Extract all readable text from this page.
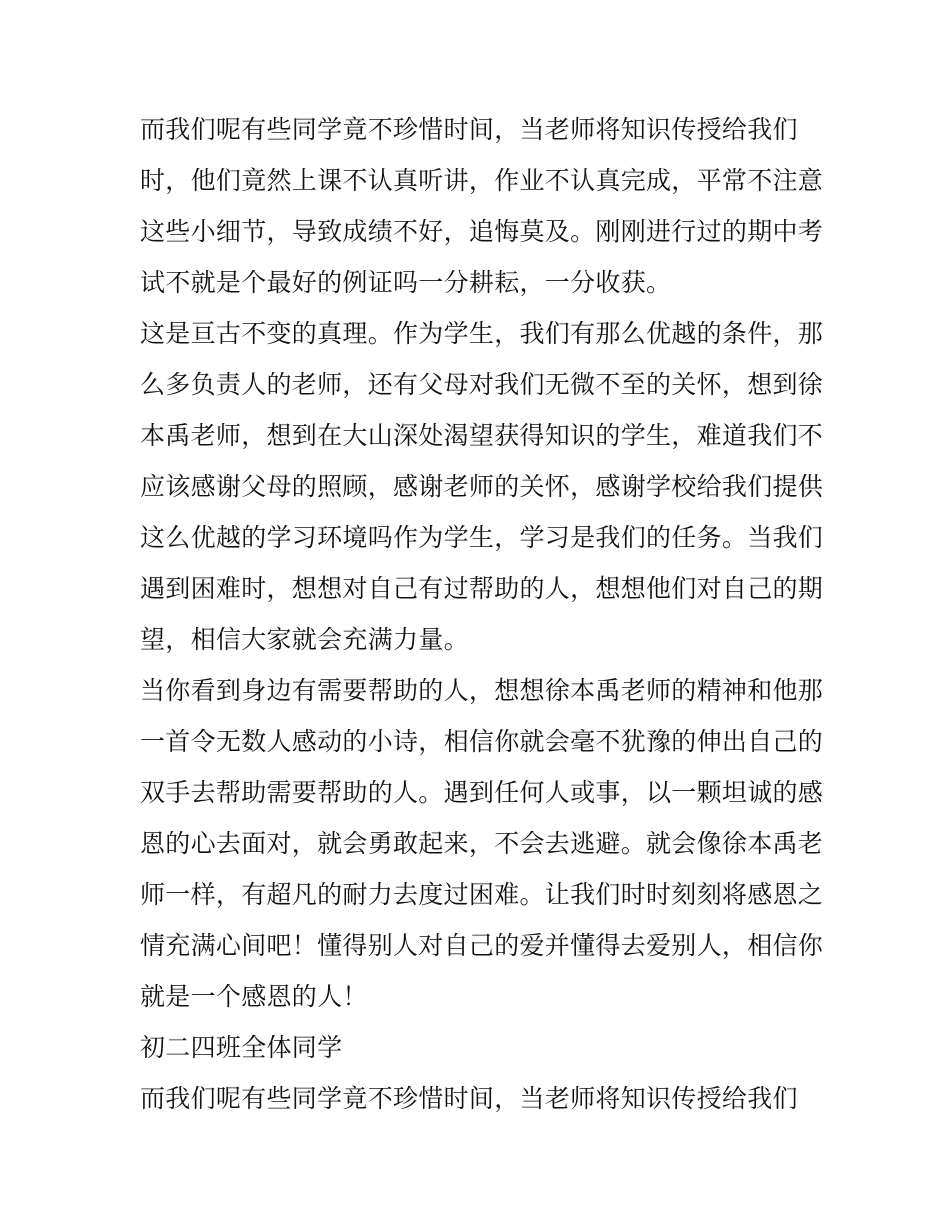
而我们呢有些同学竟不珍惜时间，当老师将知识传授给我们
时，他们竟然上课不认真听讲，作业不认真完成，平常不注意
这些小细节，导致成绩不好，追悔莫及。刚刚进行过的期中考
试不就是个最好的例证吗一分耕耘，一分收获。
这是亘古不变的真理。作为学生，我们有那么优越的条件，那
么多负责人的老师，还有父母对我们无微不至的关怀，想到徐
本禹老师，想到在大山深处渴望获得知识的学生，难道我们不
应该感谢父母的照顾，感谢老师的关怀，感谢学校给我们提供
这么优越的学习环境吗作为学生，学习是我们的任务。当我们
遇到困难时，想想对自己有过帮助的人，想想他们对自己的期
望，相信大家就会充满力量。
当你看到身边有需要帮助的人，想想徐本禹老师的精神和他那
一首令无数人感动的小诗，相信你就会毫不犹豫的伸出自己的
双手去帮助需要帮助的人。遇到任何人或事，以一颗坦诚的感
恩的心去面对，就会勇敢起来，不会去逃避。就会像徐本禹老
师一样，有超凡的耐力去度过困难。让我们时时刻刻将感恩之
情充满心间吧！懂得别人对自己的爱并懂得去爱别人，相信你
就是一个感恩的人！
初二四班全体同学
而我们呢有些同学竟不珍惜时间，当老师将知识传授给我们
